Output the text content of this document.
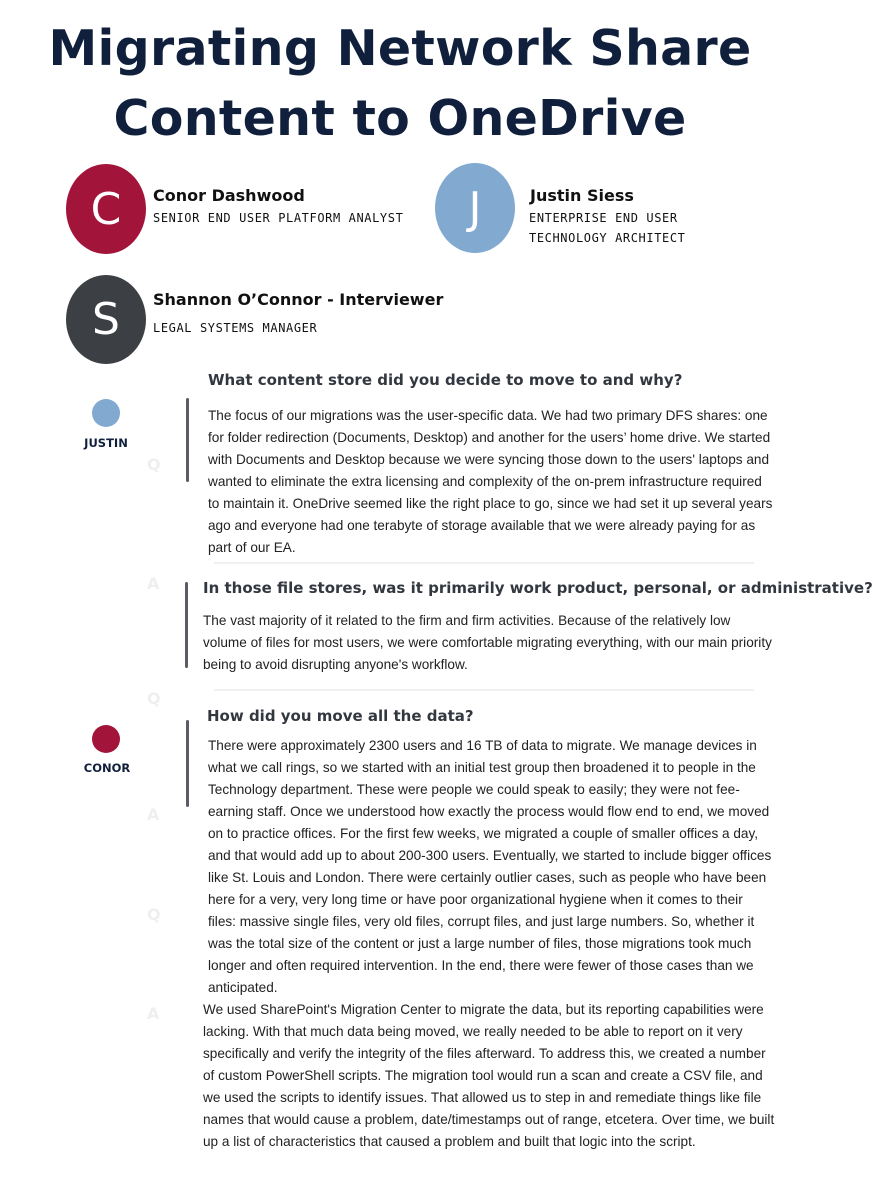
Migrating Network Share
Content to OneDrive
C Conor Dashwood
SENIOR END USER PLATFORM ANALYST J	Justin Siess
ENTERPRISE END USER
TECHNOLOGY ARCHITECT
S Shannon O’Connor - Interviewer
LEGAL SYSTEMS MANAGER
JUSTIN
CONOR
Q
A
Q
A
Q
A
What content store did you decide to move to and why?
The focus of our migrations was the user-specific data. We had two primary DFS shares: one for folder redirection (Documents, Desktop) and another for the users’ home drive. We started with Documents and Desktop because we were syncing those down to the users' laptops and wanted to eliminate the extra licensing and complexity of the on-prem infrastructure required to maintain it. OneDrive seemed like the right place to go, since we had set it up several years ago and everyone had one terabyte of storage available that we were already paying for as part of our EA.
In those file stores, was it primarily work product, personal, or administrative?
The vast majority of it related to the firm and firm activities. Because of the relatively low volume of files for most users, we were comfortable migrating everything, with our main priority being to avoid disrupting anyone's workflow.
How did you move all the data?
There were approximately 2300 users and 16 TB of data to migrate. We manage devices in what we call rings, so we started with an initial test group then broadened it to people in the Technology department. These were people we could speak to easily; they were not fee-earning staff. Once we understood how exactly the process would flow end to end, we moved on to practice offices. For the first few weeks, we migrated a couple of smaller offices a day, and that would add up to about 200-300 users. Eventually, we started to include bigger offices like St. Louis and London. There were certainly outlier cases, such as people who have been here for a very, very long time or have poor organizational hygiene when it comes to their files: massive single files, very old files, corrupt files, and just large numbers. So, whether it was the total size of the content or just a large number of files, those migrations took much longer and often required intervention. In the end, there were fewer of those cases than we anticipated.
We used SharePoint's Migration Center to migrate the data, but its reporting capabilities were lacking. With that much data being moved, we really needed to be able to report on it very specifically and verify the integrity of the files afterward. To address this, we created a number of custom PowerShell scripts. The migration tool would run a scan and create a CSV file, and we used the scripts to identify issues. That allowed us to step in and remediate things like file names that would cause a problem, date/timestamps out of range, etcetera. Over time, we built up a list of characteristics that caused a problem and built that logic into the script.
